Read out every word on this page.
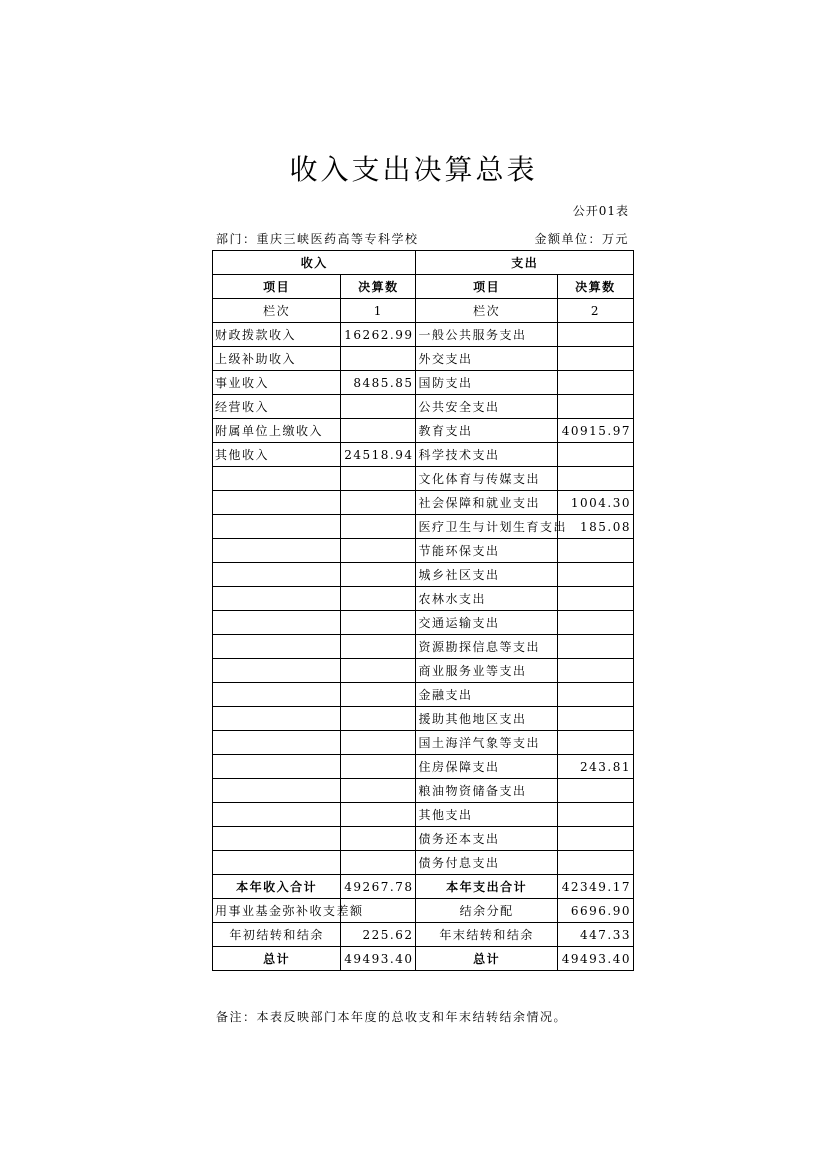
收入支出决算总表
公开01表
部门：重庆三峡医药高等专科学校	金额单位：万元
收入		支出	
项目	决算数	项目	决算数
栏次	1	栏次	2
财政拨款收入	16262.99	一般公共服务支出	
上级补助收入		外交支出	
事业收入	8485.85	国防支出	
经营收入		公共安全支出	
附属单位上缴收入		教育支出	40915.97
其他收入	24518.94	科学技术支出	
		文化体育与传媒支出	
		社会保障和就业支出	1004.30
		医疗卫生与计划生育支出	185.08
		节能环保支出	
		城乡社区支出	
		农林水支出	
		交通运输支出	
		资源勘探信息等支出	
		商业服务业等支出	
		金融支出	
		援助其他地区支出	
		国土海洋气象等支出	
		住房保障支出	243.81
		粮油物资储备支出	
		其他支出	
		债务还本支出	
		债务付息支出	
本年收入合计	49267.78	本年支出合计	42349.17
用事业基金弥补收支差额		结余分配	6696.90
年初结转和结余	225.62	年末结转和结余	447.33
总计	49493.40	总计	49493.40
备注：本表反映部门本年度的总收支和年末结转结余情况。
